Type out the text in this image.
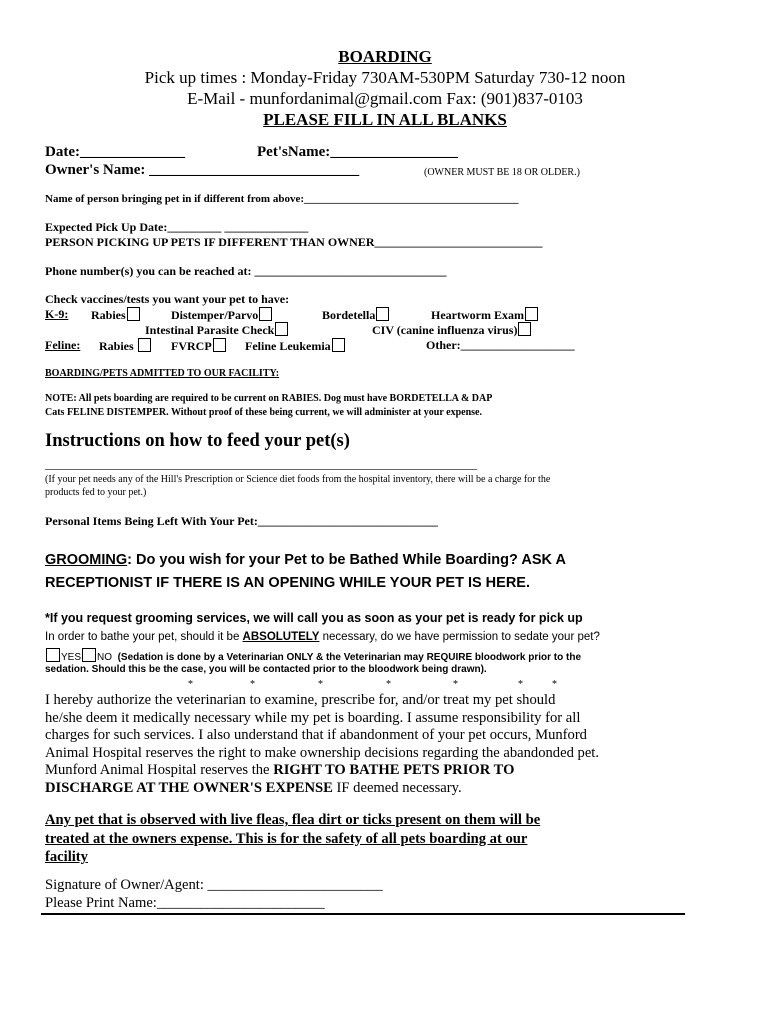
BOARDING
Pick up times : Monday-Friday 730AM-530PM Saturday 730-12 noon
E-Mail - munfordanimal@gmail.com Fax: (901)837-0103
PLEASE FILL IN ALL BLANKS
Date:______________	Pet'sName:_________________
Owner's Name: ____________________________	(OWNER MUST BE 18 OR OLDER.)
Name of person bringing pet in if different from above:_______________________________________
Expected Pick Up Date:_________ ______________
PERSON PICKING UP PETS IF DIFFERENT THAN OWNER____________________________
Phone number(s) you can be reached at: ________________________________
Check vaccines/tests you want your pet to have:
K-9: Rabies	Distemper/Parvo	Bordetella	Heartworm Exam
Intestinal Parasite Check	CIV (canine influenza virus)
Feline: Rabies	FVRCP	Feline Leukemia	Other:___________________
BOARDING/PETS ADMITTED TO OUR FACILITY:
NOTE: All pets boarding are required to be current on RABIES. Dog must have BORDETELLA & DAP
Cats FELINE DISTEMPER. Without proof of these being current, we will administer at your expense.
Instructions on how to feed your pet(s)
________________________________________________________________________
(If your pet needs any of the Hill's Prescription or Science diet foods from the hospital inventory, there will be a charge for the
products fed to your pet.)
Personal Items Being Left With Your Pet:______________________________
GROOMING: Do you wish for your Pet to be Bathed While Boarding? ASK A
RECEPTIONIST IF THERE IS AN OPENING WHILE YOUR PET IS HERE.
*If you request grooming services, we will call you as soon as your pet is ready for pick up
In order to bathe your pet, should it be ABSOLUTELY necessary, do we have permission to sedate your pet?
YES NO (Sedation is done by a Veterinarian ONLY & the Veterinarian may REQUIRE bloodwork prior to the
sedation. Should this be the case, you will be contacted prior to the bloodwork being drawn).
*	*	*	*	*	*	*
I hereby authorize the veterinarian to examine, prescribe for, and/or treat my pet should
he/she deem it medically necessary while my pet is boarding. I assume responsibility for all
charges for such services. I also understand that if abandonment of your pet occurs, Munford
Animal Hospital reserves the right to make ownership decisions regarding the abandonded pet.
Munford Animal Hospital reserves the RIGHT TO BATHE PETS PRIOR TO
DISCHARGE AT THE OWNER'S EXPENSE IF deemed necessary.
Any pet that is observed with live fleas, flea dirt or ticks present on them will be
treated at the owners expense. This is for the safety of all pets boarding at our
facility
Signature of Owner/Agent: ________________________
Please Print Name:_______________________
